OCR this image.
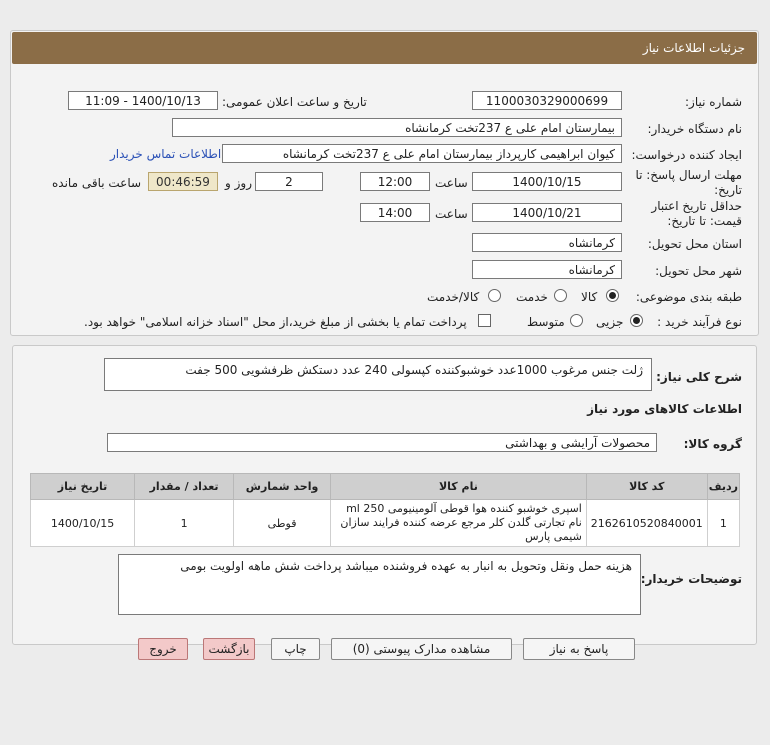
جزئیات اطلاعات نیاز
شماره نیاز:
1100030329000699
تاریخ و ساعت اعلان عمومی:
1400/10/13 - 11:09
نام دستگاه خریدار:
بیمارستان امام علی ع 237تخت کرمانشاه
ایجاد کننده درخواست:
کیوان ابراهیمی کارپرداز بیمارستان امام علی ع 237تخت کرمانشاه
اطلاعات تماس خریدار
مهلت ارسال پاسخ: تا تاریخ:
1400/10/15
ساعت
12:00
2
روز و
00:46:59
ساعت باقی مانده
حداقل تاریخ اعتبار قیمت: تا تاریخ:
1400/10/21
ساعت
14:00
استان محل تحویل:
کرمانشاه
شهر محل تحویل:
کرمانشاه
طبقه بندی موضوعی:
کالا
خدمت
کالا/خدمت
نوع فرآیند خرید :
جزیی
متوسط
پرداخت تمام یا بخشی از مبلغ خرید،از محل "اسناد خزانه اسلامی" خواهد بود.
شرح کلی نیاز:
ژلت جنس مرغوب 1000عدد خوشبوکننده کپسولی 240 عدد دستکش ظرفشویی 500 جفت
اطلاعات کالاهای مورد نیاز
گروه کالا:
محصولات آرایشی و بهداشتی
ردیف	کد کالا	نام کالا	واحد شمارش	تعداد / مقدار	تاریخ نیاز
1	2162610520840001	اسپری خوشبو کننده هوا قوطی آلومینیومی 250 ml نام تجارتی گلدن کلر مرجع عرضه کننده فرایند سازان شیمی پارس	قوطی	1	1400/10/15
توضیحات خریدار:
هزینه حمل ونقل وتحویل به انبار به عهده فروشنده میباشد پرداخت شش ماهه اولویت بومی
پاسخ به نیاز
مشاهده مدارک پیوستی (0)
چاپ
بازگشت
خروج
